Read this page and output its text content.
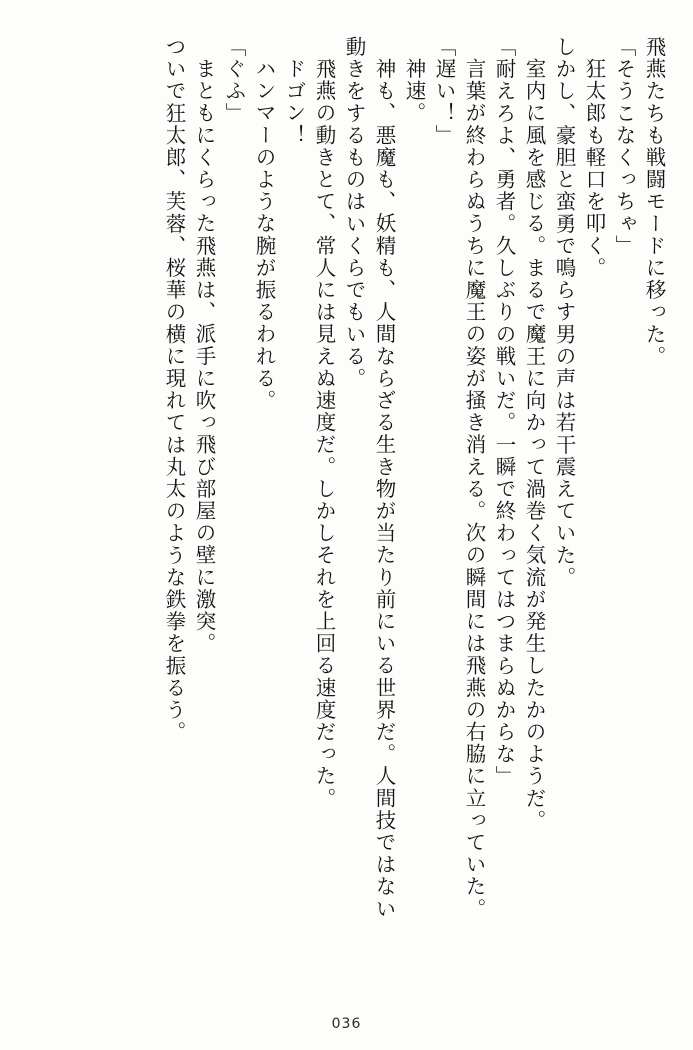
飛燕たちも戦闘モードに移った。
「そうこなくっちゃ」
狂太郎も軽口を叩く。
しかし、豪胆と蛮勇で鳴らす男の声は若干震えていた。
室内に風を感じる。まるで魔王に向かって渦巻く気流が発生したかのようだ。
「耐えろよ、勇者。久しぶりの戦いだ。一瞬で終わってはつまらぬからな」
言葉が終わらぬうちに魔王の姿が掻き消える。次の瞬間には飛燕の右脇に立っていた。
「遅い！」
神速。
神も、悪魔も、妖精も、人間ならざる生き物が当たり前にいる世界だ。人間技ではない
動きをするものはいくらでもいる。
飛燕の動きとて、常人には見えぬ速度だ。しかしそれを上回る速度だった。
ドゴン！
ハンマーのような腕が振るわれる。
「ぐふ」
まともにくらった飛燕は、派手に吹っ飛び部屋の壁に激突。
ついで狂太郎、芙蓉、桜華の横に現れては丸太のような鉄拳を振るう。
036
